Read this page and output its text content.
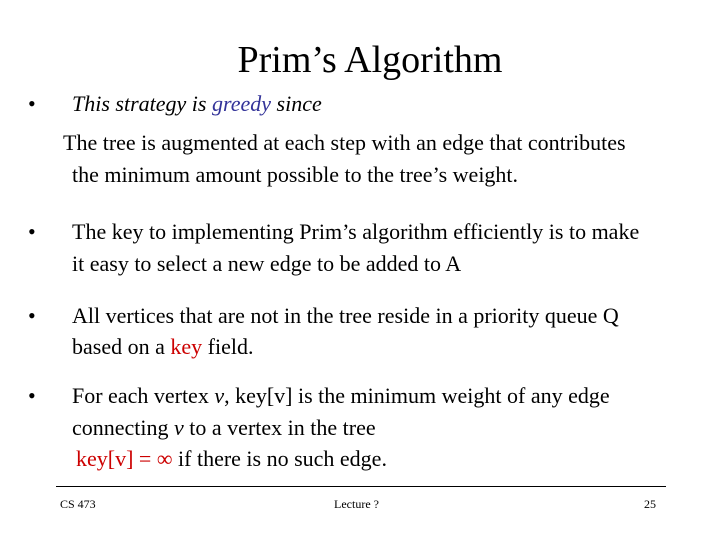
Prim’s Algorithm
• This strategy is greedy since
The tree is augmented at each step with an edge that contributes
the minimum amount possible to the tree’s weight.
• The key to implementing Prim’s algorithm efficiently is to make
it easy to select a new edge to be added to A
• All vertices that are not in the tree reside in a priority queue Q
based on a key field.
• For each vertex v, key[v] is the minimum weight of any edge
connecting v to a vertex in the tree
key[v] = ∞ if there is no such edge.
CS 473	Lecture ?	25
